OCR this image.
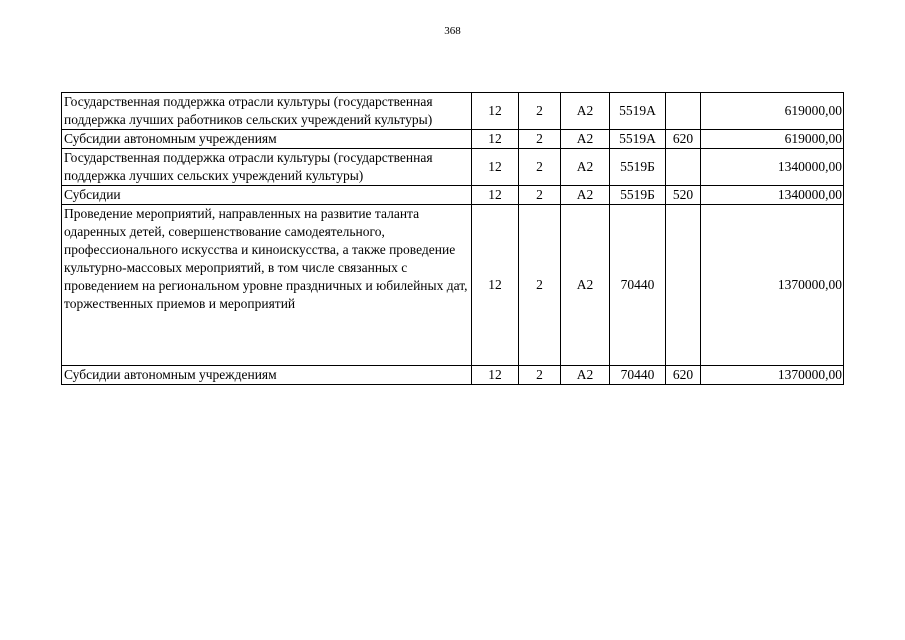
368
Государственная поддержка отрасли культуры (государственная поддержка лучших работников сельских учреждений культуры)	12	2	А2	5519А		619000,00
Субсидии автономным учреждениям	12	2	А2	5519А	620	619000,00
Государственная поддержка отрасли культуры (государственная поддержка лучших сельских учреждений культуры)	12	2	А2	5519Б		1340000,00
Субсидии	12	2	А2	5519Б	520	1340000,00
Проведение мероприятий, направленных на развитие таланта одаренных детей, совершенствование самодеятельного, профессионального искусства и киноискусства, а также проведение культурно-массовых мероприятий, в том числе связанных с проведением на региональном уровне праздничных и юбилейных дат, торжественных приемов и мероприятий	12	2	А2	70440		1370000,00
Субсидии автономным учреждениям	12	2	А2	70440	620	1370000,00
